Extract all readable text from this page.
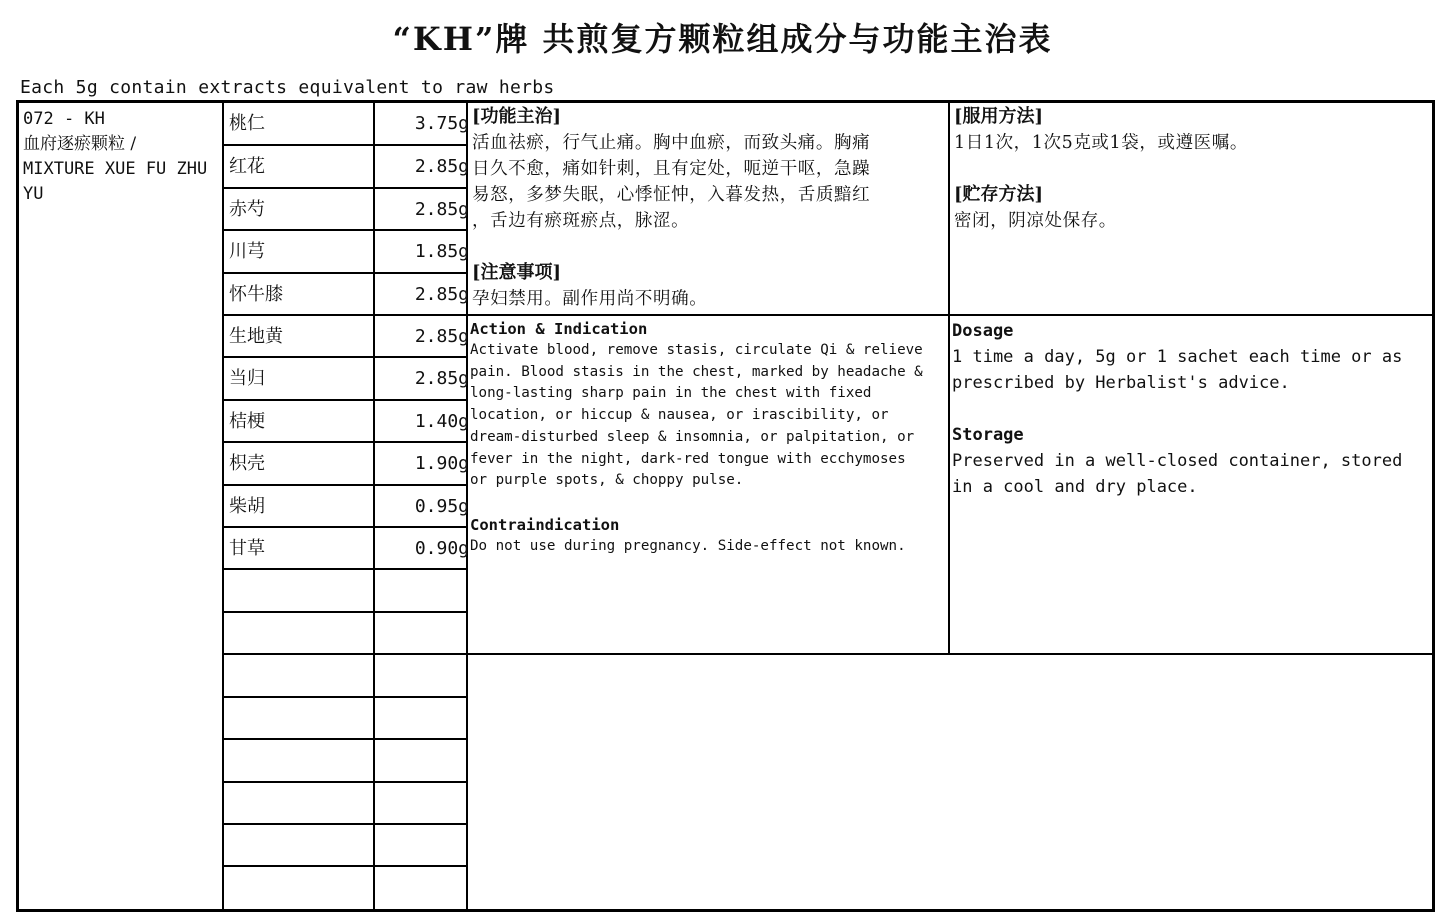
“KH”牌 共煎复方颗粒组成分与功能主治表
Each 5g contain extracts equivalent to raw herbs
072 - KH
血府逐瘀颗粒 /
MIXTURE XUE FU ZHU
YU
桃仁	3.75g
红花	2.85g
赤芍	2.85g
川芎	1.85g
怀牛膝	2.85g
生地黄	2.85g
当归	2.85g
桔梗	1.40g
枳壳	1.90g
柴胡	0.95g
甘草	0.90g
[功能主治]
活血祛瘀，行气止痛。胸中血瘀，而致头痛。胸痛
日久不愈，痛如针刺，且有定处，呃逆干呕，急躁
易怒，多梦失眠，心悸怔忡，入暮发热，舌质黯红
，舌边有瘀斑瘀点，脉涩。
[注意事项]
孕妇禁用。副作用尚不明确。
[服用方法]
1日1次，1次5克或1袋，或遵医嘱。
[贮存方法]
密闭，阴凉处保存。
Action & Indication
Activate blood, remove stasis, circulate Qi & relieve
pain. Blood stasis in the chest, marked by headache &
long-lasting sharp pain in the chest with fixed
location, or hiccup & nausea, or irascibility, or
dream-disturbed sleep & insomnia, or palpitation, or
fever in the night, dark-red tongue with ecchymoses
or purple spots, & choppy pulse.
Contraindication
Do not use during pregnancy. Side-effect not known.
Dosage
1 time a day, 5g or 1 sachet each time or as
prescribed by Herbalist's advice.
Storage
Preserved in a well-closed container, stored
in a cool and dry place.
